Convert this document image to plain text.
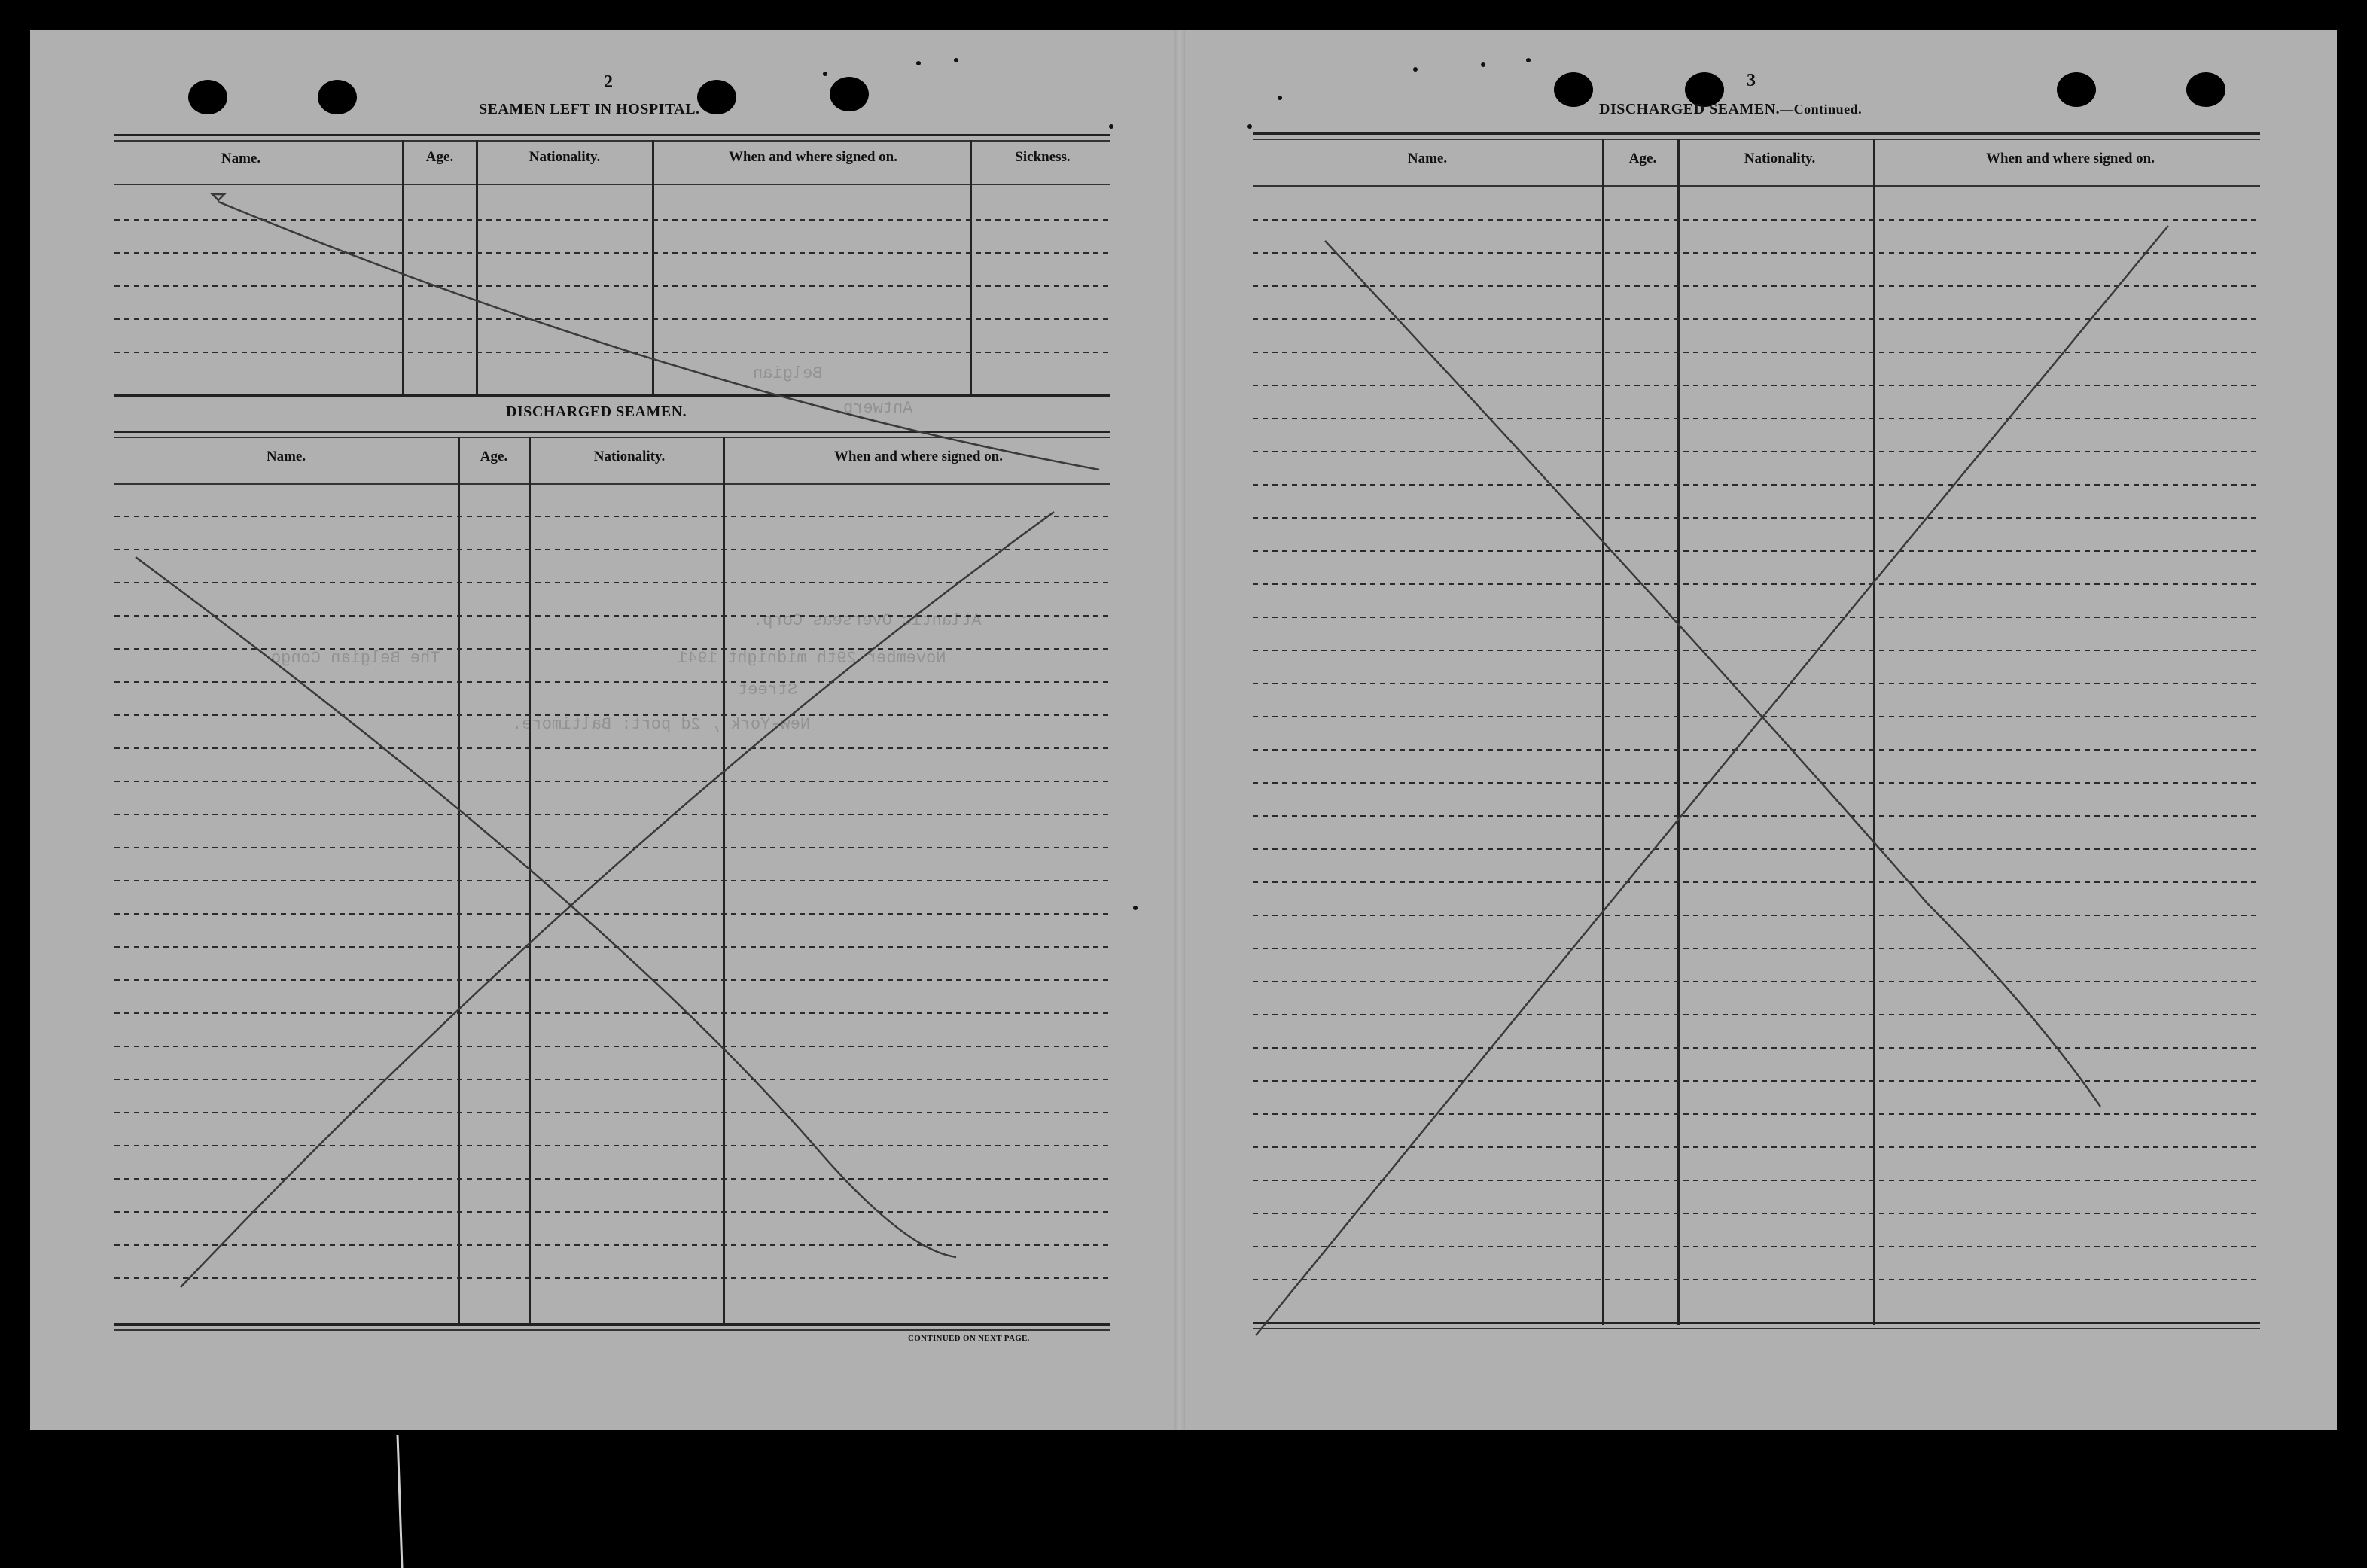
Antwerp
Belgian
Atlantic Overseas Corp.
November 29th midnight 1941
The Belgian Congo
Street
New-York , 2d port: Baltimore.
2
SEAMEN LEFT IN HOSPITAL.
Name.	Age.	Nationality.	When and where signed on.	Sickness.
DISCHARGED SEAMEN.
Name.	Age.	Nationality.	When and where signed on.
CONTINUED ON NEXT PAGE.
3
DISCHARGED SEAMEN.—Continued.
Name.	Age.	Nationality.	When and where signed on.
